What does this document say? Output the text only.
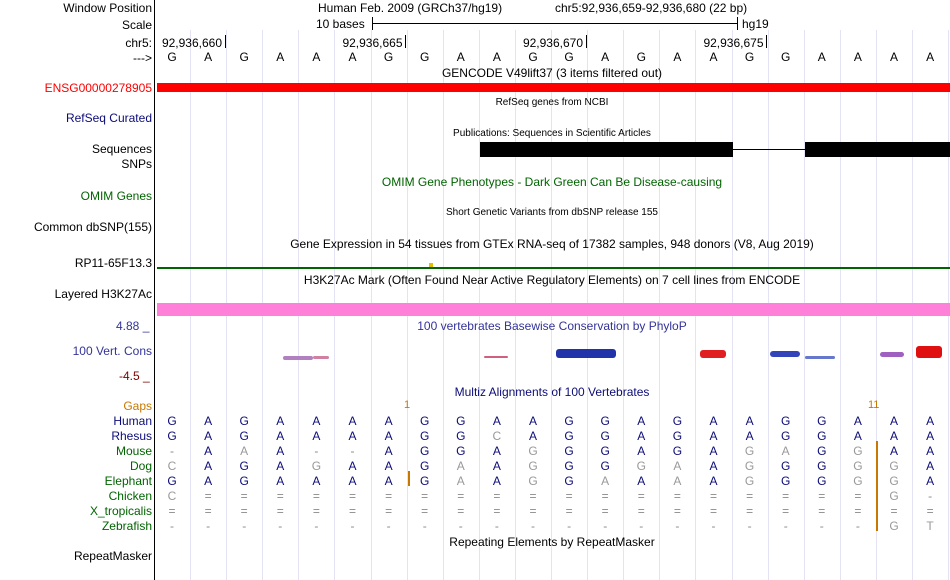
Window Position
Scale
chr5:
--->
Human Feb. 2009 (GRCh37/hg19)	chr5:92,936,659-92,936,680 (22 bp)
10 bases	hg19
92,936,660	92,936,665	92,936,670	92,936,675
G	A	G	A	A	A	G	G	A	A	G	G	A	G	A	A	G	G	A	A	A	A
GENCODE V49lift37 (3 items filtered out)
ENSG00000278905
RefSeq genes from NCBI
RefSeq Curated
Publications: Sequences in Scientific Articles
Sequences
SNPs
OMIM Gene Phenotypes - Dark Green Can Be Disease-causing
OMIM Genes
Short Genetic Variants from dbSNP release 155
Common dbSNP(155)
Gene Expression in 54 tissues from GTEx RNA-seq of 17382 samples, 948 donors (V8, Aug 2019)
RP11-65F13.3
H3K27Ac Mark (Often Found Near Active Regulatory Elements) on 7 cell lines from ENCODE
Layered H3K27Ac
4.88 _	100 vertebrates Basewise Conservation by PhyloP
100 Vert. Cons
-4.5 _
Multiz Alignments of 100 Vertebrates
Gaps	1	11
Human	G	A	G	A	A	A	A	G	G	A	A	G	G	A	G	A	A	G	G	A	A	A
Rhesus	G	A	G	A	A	A	A	G	G	C	A	G	G	A	G	A	A	G	G	A	A	A
Mouse	-	A	A	A	-	-	A	G	G	A	G	G	G	A	G	A	G	A	G	G	A	A
Dog	C	A	G	A	G	A	A	G	A	A	G	G	G	G	A	A	G	G	G	G	G	A
Elephant	G	A	G	A	A	A	A	G	A	A	G	G	A	A	A	A	G	G	G	G	G	A
Chicken	C	=	=	=	=	=	=	=	=	=	=	=	=	=	=	=	=	=	=	=	G	-
X_tropicalis	=	=	=	=	=	=	=	=	=	=	=	=	=	=	=	=	=	=	=	=	=	=
Zebrafish	-	-	-	-	-	-	-	-	-	-	-	-	-	-	-	-	-	-	-	-	G	T
Repeating Elements by RepeatMasker
RepeatMasker
